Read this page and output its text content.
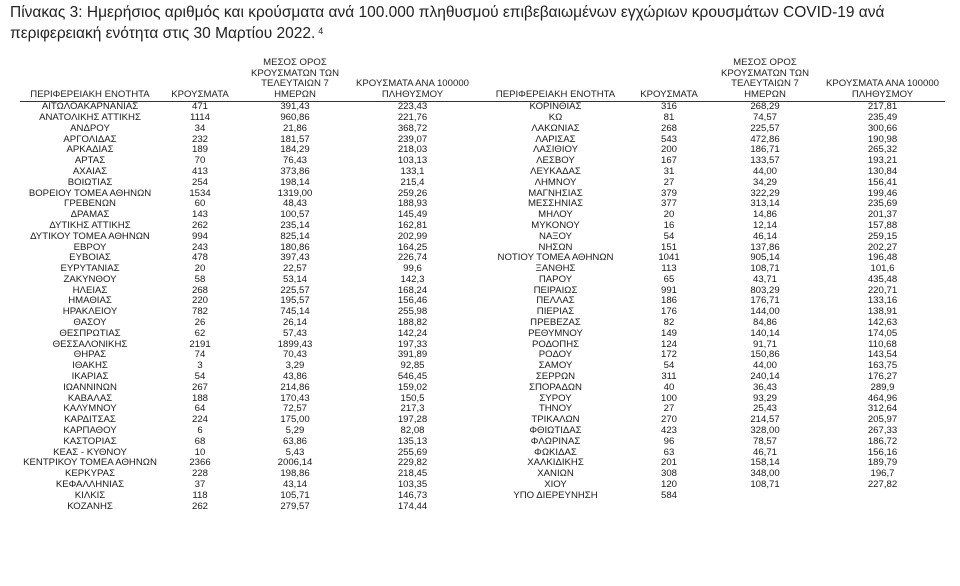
Πίνακας 3: Ημερήσιος αριθμός και κρούσματα ανά 100.000 πληθυσμού επιβεβαιωμένων εγχώριων κρουσμάτων COVID-19 ανά περιφερειακή ενότητα στις 30 Μαρτίου 2022. $^4$
ΠΕΡΙΦΕΡΕΙΑΚΗ ΕΝΟΤΗΤΑ	ΚΡΟΥΣΜΑΤΑ	ΜΕΣΟΣ ΟΡΟΣ
ΚΡΟΥΣΜΑΤΩΝ ΤΩΝ
ΤΕΛΕΥΤΑΙΩΝ 7 ΗΜΕΡΩΝ	ΚΡΟΥΣΜΑΤΑ ΑΝΑ 100000
ΠΛΗΘΥΣΜΟΥ		ΠΕΡΙΦΕΡΕΙΑΚΗ ΕΝΟΤΗΤΑ	ΚΡΟΥΣΜΑΤΑ	ΜΕΣΟΣ ΟΡΟΣ
ΚΡΟΥΣΜΑΤΩΝ ΤΩΝ
ΤΕΛΕΥΤΑΙΩΝ 7 ΗΜΕΡΩΝ	ΚΡΟΥΣΜΑΤΑ ΑΝΑ 100000
ΠΛΗΘΥΣΜΟΥ
ΑΙΤΩΛΟΑΚΑΡΝΑΝΙΑΣ	471	391,43	223,43		ΚΟΡΙΝΘΙΑΣ	316	268,29	217,81
ΑΝΑΤΟΛΙΚΗΣ ΑΤΤΙΚΗΣ	1114	960,86	221,76		ΚΩ	81	74,57	235,49
ΑΝΔΡΟΥ	34	21,86	368,72		ΛΑΚΩΝΙΑΣ	268	225,57	300,66
ΑΡΓΟΛΙΔΑΣ	232	181,57	239,07		ΛΑΡΙΣΑΣ	543	472,86	190,98
ΑΡΚΑΔΙΑΣ	189	184,29	218,03		ΛΑΣΙΘΙΟΥ	200	186,71	265,32
ΑΡΤΑΣ	70	76,43	103,13		ΛΕΣΒΟΥ	167	133,57	193,21
ΑΧΑΪΑΣ	413	373,86	133,1		ΛΕΥΚΑΔΑΣ	31	44,00	130,84
ΒΟΙΩΤΙΑΣ	254	198,14	215,4		ΛΗΜΝΟΥ	27	34,29	156,41
ΒΟΡΕΙΟΥ ΤΟΜΕΑ ΑΘΗΝΩΝ	1534	1319,00	259,26		ΜΑΓΝΗΣΙΑΣ	379	322,29	199,46
ΓΡΕΒΕΝΩΝ	60	48,43	188,93		ΜΕΣΣΗΝΙΑΣ	377	313,14	235,69
ΔΡΑΜΑΣ	143	100,57	145,49		ΜΗΛΟΥ	20	14,86	201,37
ΔΥΤΙΚΗΣ ΑΤΤΙΚΗΣ	262	235,14	162,81		ΜΥΚΟΝΟΥ	16	12,14	157,88
ΔΥΤΙΚΟΥ ΤΟΜΕΑ ΑΘΗΝΩΝ	994	825,14	202,99		ΝΑΞΟΥ	54	46,14	259,15
ΕΒΡΟΥ	243	180,86	164,25		ΝΗΣΩΝ	151	137,86	202,27
ΕΥΒΟΙΑΣ	478	397,43	226,74		ΝΟΤΙΟΥ ΤΟΜΕΑ ΑΘΗΝΩΝ	1041	905,14	196,48
ΕΥΡΥΤΑΝΙΑΣ	20	22,57	99,6		ΞΑΝΘΗΣ	113	108,71	101,6
ΖΑΚΥΝΘΟΥ	58	53,14	142,3		ΠΑΡΟΥ	65	43,71	435,48
ΗΛΕΙΑΣ	268	225,57	168,24		ΠΕΙΡΑΙΩΣ	991	803,29	220,71
ΗΜΑΘΙΑΣ	220	195,57	156,46		ΠΕΛΛΑΣ	186	176,71	133,16
ΗΡΑΚΛΕΙΟΥ	782	745,14	255,98		ΠΙΕΡΙΑΣ	176	144,00	138,91
ΘΑΣΟΥ	26	26,14	188,82		ΠΡΕΒΕΖΑΣ	82	84,86	142,63
ΘΕΣΠΡΩΤΙΑΣ	62	57,43	142,24		ΡΕΘΥΜΝΟΥ	149	140,14	174,05
ΘΕΣΣΑΛΟΝΙΚΗΣ	2191	1899,43	197,33		ΡΟΔΟΠΗΣ	124	91,71	110,68
ΘΗΡΑΣ	74	70,43	391,89		ΡΟΔΟΥ	172	150,86	143,54
ΙΘΑΚΗΣ	3	3,29	92,85		ΣΑΜΟΥ	54	44,00	163,75
ΙΚΑΡΙΑΣ	54	43,86	546,45		ΣΕΡΡΩΝ	311	240,14	176,27
ΙΩΑΝΝΙΝΩΝ	267	214,86	159,02		ΣΠΟΡΑΔΩΝ	40	36,43	289,9
ΚΑΒΑΛΑΣ	188	170,43	150,5		ΣΥΡΟΥ	100	93,29	464,96
ΚΑΛΥΜΝΟΥ	64	72,57	217,3		ΤΗΝΟΥ	27	25,43	312,64
ΚΑΡΔΙΤΣΑΣ	224	175,00	197,28		ΤΡΙΚΑΛΩΝ	270	214,57	205,97
ΚΑΡΠΑΘΟΥ	6	5,29	82,08		ΦΘΙΩΤΙΔΑΣ	423	328,00	267,33
ΚΑΣΤΟΡΙΑΣ	68	63,86	135,13		ΦΛΩΡΙΝΑΣ	96	78,57	186,72
ΚΕΑΣ - ΚΥΘΝΟΥ	10	5,43	255,69		ΦΩΚΙΔΑΣ	63	46,71	156,16
ΚΕΝΤΡΙΚΟΥ ΤΟΜΕΑ ΑΘΗΝΩΝ	2366	2006,14	229,82		ΧΑΛΚΙΔΙΚΗΣ	201	158,14	189,79
ΚΕΡΚΥΡΑΣ	228	198,86	218,45		ΧΑΝΙΩΝ	308	348,00	196,7
ΚΕΦΑΛΛΗΝΙΑΣ	37	43,14	103,35		ΧΙΟΥ	120	108,71	227,82
ΚΙΛΚΙΣ	118	105,71	146,73		ΥΠΟ ΔΙΕΡΕΥΝΗΣΗ	584		
ΚΟΖΑΝΗΣ	262	279,57	174,44					
